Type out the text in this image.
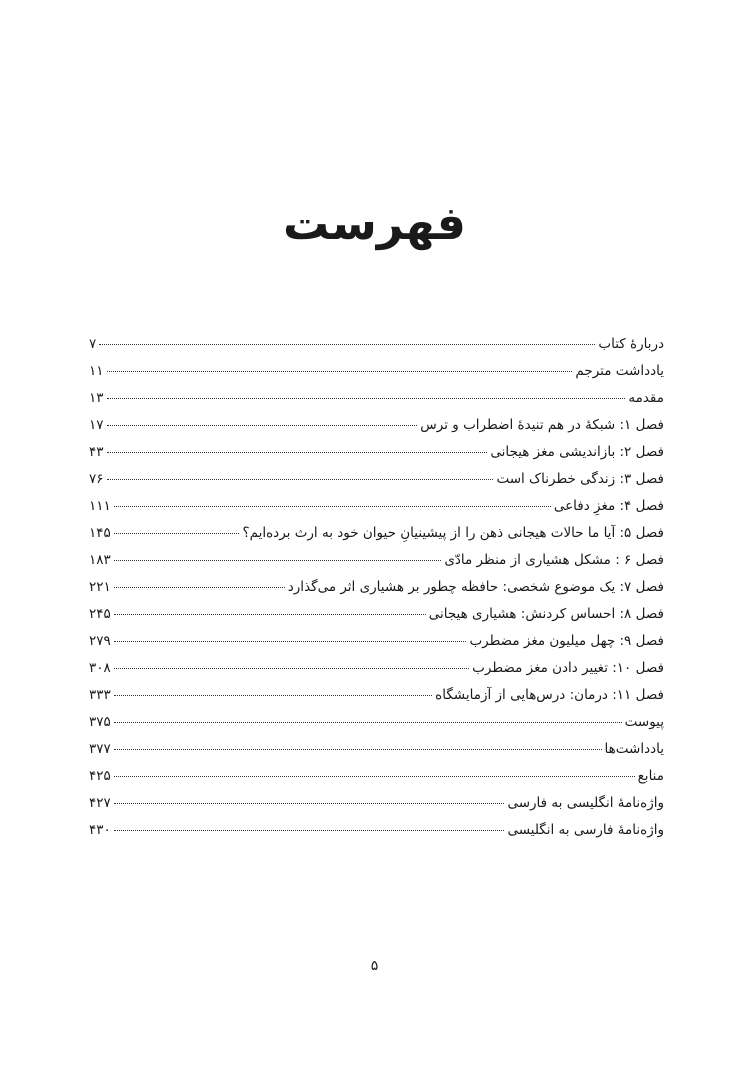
فهرست
دربارهٔ کتاب
۷
یادداشت مترجم
۱۱
مقدمه
۱۳
فصل ۱: شبکهٔ در هم تنیدهٔ اضطراب و ترس
۱۷
فصل ۲: بازاندیشی مغز هیجانی
۴۳
فصل ۳: زندگی خطرناک است
۷۶
فصل ۴: مغزِ دفاعی
۱۱۱
فصل ۵: آیا ما حالات هیجانی ذهن را از پیشینیانِ حیوان خود به ارث برده‌ایم؟
۱۴۵
فصل ۶ : مشکل هشیاری از منظر مادّی
۱۸۳
فصل ۷: یک موضوع شخصی: حافظه چطور بر هشیاری اثر می‌گذارد
۲۲۱
فصل ۸: احساس کردنش: هشیاری هیجانی
۲۴۵
فصل ۹: چهل میلیون مغز مضطرب
۲۷۹
فصل ۱۰: تغییر دادن مغز مضطرب
۳۰۸
فصل ۱۱: درمان: درس‌هایی از آزمایشگاه
۳۳۳
پیوست
۳۷۵
یادداشت‌ها
۳۷۷
منابع
۴۲۵
واژه‌نامهٔ انگلیسی به فارسی
۴۲۷
واژه‌نامهٔ فارسی به انگلیسی
۴۳۰
۵
